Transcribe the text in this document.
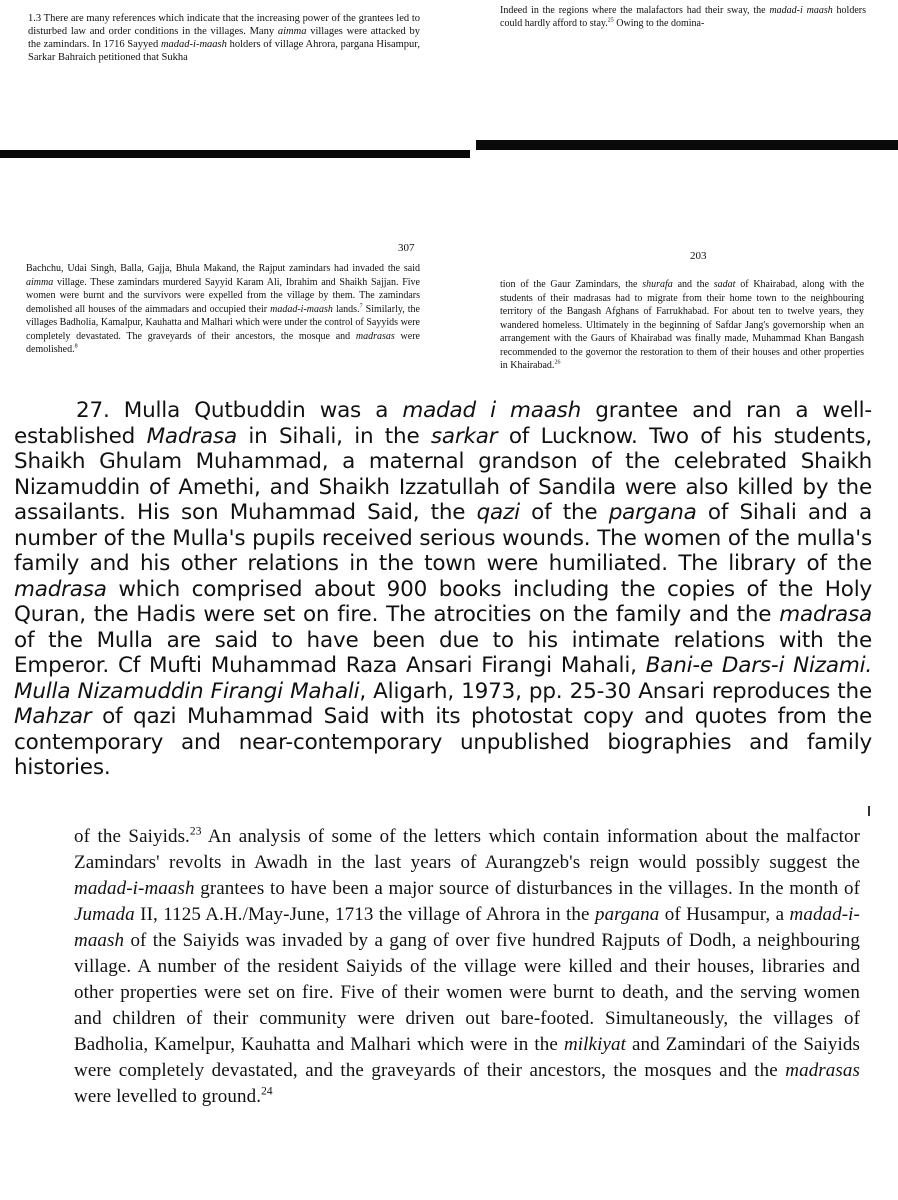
1.3 There are many references which indicate that the increasing power of the grantees led to disturbed law and order conditions in the villages. Many aimma villages were attacked by the zamindars. In 1716 Sayyed madad-i-maash holders of village Ahrora, pargana Hisampur, Sarkar Bahraich petitioned that Sukha

Indeed in the regions where the malafactors had their sway, the madad-i maash holders could hardly afford to stay.$^{25}$ Owing to the domina-

307
203

Bachchu, Udai Singh, Balla, Gajja, Bhula Makand, the Rajput zamindars had invaded the said aimma village. These zamindars murdered Sayyid Karam Ali, Ibrahim and Shaikh Sajjan. Five women were burnt and the survivors were expelled from the village by them. The zamindars demolished all houses of the aimmadars and occupied their madad-i-maash lands.$^7$ Similarly, the villages Badholia, Kamalpur, Kauhatta and Malhari which were under the control of Sayyids were completely devastated. The graveyards of their ancestors, the mosque and madrasas were demolished.$^8$

tion of the Gaur Zamindars, the shurafa and the sadat of Khairabad, along with the students of their madrasas had to migrate from their home town to the neighbouring territory of the Bangash Afghans of Farrukhabad. For about ten to twelve years, they wandered homeless. Ultimately in the beginning of Safdar Jang's governorship when an arrangement with the Gaurs of Khairabad was finally made, Muhammad Khan Bangash recommended to the governor the restoration to them of their houses and other properties in Khairabad.$^{26}$

27. Mulla Qutbuddin was a madad i maash grantee and ran a well-established Madrasa in Sihali, in the sarkar of Lucknow. Two of his students, Shaikh Ghulam Muhammad, a maternal grandson of the celebrated Shaikh Nizamuddin of Amethi, and Shaikh Izzatullah of Sandila were also killed by the assailants. His son Muhammad Said, the qazi of the pargana of Sihali and a number of the Mulla's pupils received serious wounds. The women of the mulla's family and his other relations in the town were humiliated. The library of the madrasa which comprised about 900 books including the copies of the Holy Quran, the Hadis were set on fire. The atrocities on the family and the madrasa of the Mulla are said to have been due to his intimate relations with the Emperor. Cf Mufti Muhammad Raza Ansari Firangi Mahali, Bani-e Dars-i Nizami. Mulla Nizamuddin Firangi Mahali, Aligarh, 1973, pp. 25-30 Ansari reproduces the Mahzar of qazi Muhammad Said with its photostat copy and quotes from the contemporary and near-contemporary unpublished biographies and family histories.

of the Saiyids.$^{23}$ An analysis of some of the letters which contain information about the malfactor Zamindars' revolts in Awadh in the last years of Aurangzeb's reign would possibly suggest the madad-i-maash grantees to have been a major source of disturbances in the villages. In the month of Jumada II, 1125 A.H./May-June, 1713 the village of Ahrora in the pargana of Husampur, a madad-i-maash of the Saiyids was invaded by a gang of over five hundred Rajputs of Dodh, a neighbouring village. A number of the resident Saiyids of the village were killed and their houses, libraries and other properties were set on fire. Five of their women were burnt to death, and the serving women and children of their community were driven out bare-footed. Simultaneously, the villages of Badholia, Kamelpur, Kauhatta and Malhari which were in the milkiyat and Zamindari of the Saiyids were completely devastated, and the graveyards of their ancestors, the mosques and the madrasas were levelled to ground.$^{24}$
